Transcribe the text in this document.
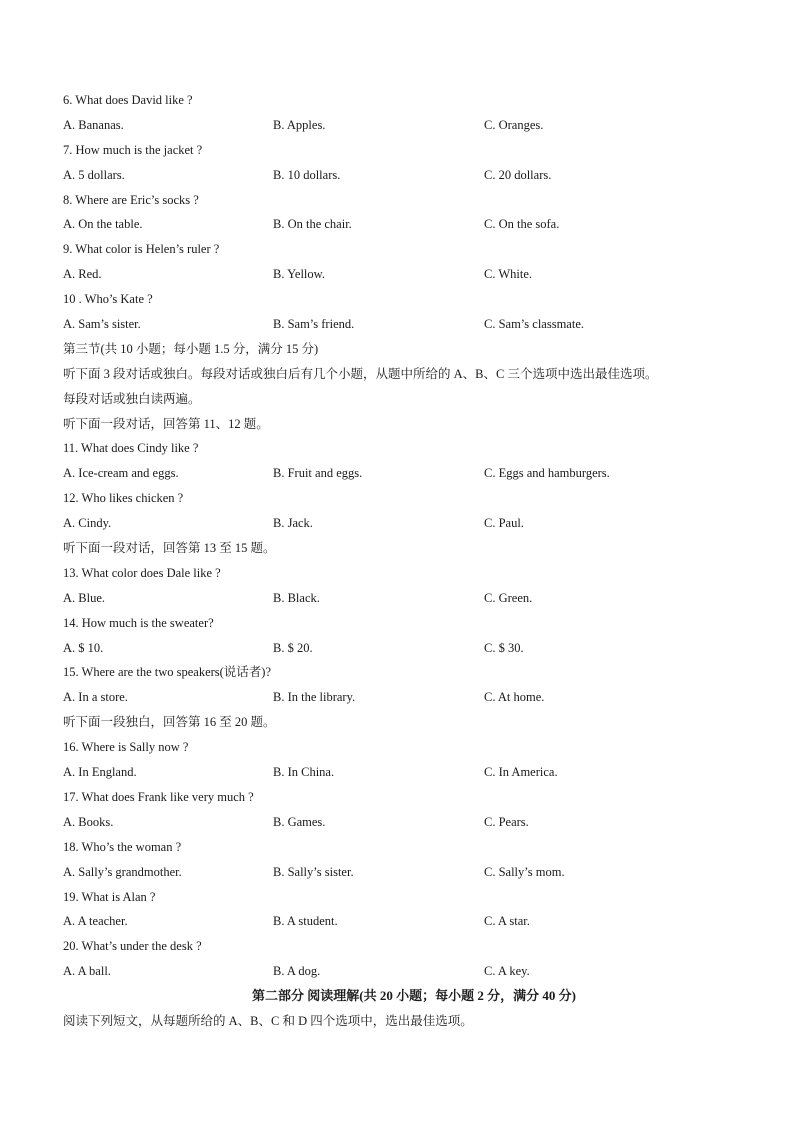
6. What does David like ?
A. Bananas.	B. Apples.	C. Oranges.
7. How much is the jacket ?
A. 5 dollars.	B. 10 dollars.	C. 20 dollars.
8. Where are Eric’s socks ?
A. On the table.	B. On the chair.	C. On the sofa.
9. What color is Helen’s ruler ?
A. Red.	B. Yellow.	C. White.
10 . Who’s Kate ?
A. Sam’s sister.	B. Sam’s friend.	C. Sam’s classmate.
第三节(共 10 小题；每小题 1.5 分，满分 15 分)
听下面 3 段对话或独白。每段对话或独白后有几个小题，从题中所给的 A、B、C 三个选项中选出最佳选项。
每段对话或独白读两遍。
听下面一段对话，回答第 11、12 题。
11. What does Cindy like ?
A. Ice-cream and eggs.	B. Fruit and eggs.	C. Eggs and hamburgers.
12. Who likes chicken ?
A. Cindy.	B. Jack.	C. Paul.
听下面一段对话，回答第 13 至 15 题。
13. What color does Dale like ?
A. Blue.	B. Black.	C. Green.
14. How much is the sweater?
A. $ 10.	B. $ 20.	C. $ 30.
15. Where are the two speakers(说话者)?
A. In a store.	B. In the library.	C. At home.
听下面一段独白，回答第 16 至 20 题。
16. Where is Sally now ?
A. In England.	B. In China.	C. In America.
17. What does Frank like very much ?
A. Books.	B. Games.	C. Pears.
18. Who’s the woman ?
A. Sally’s grandmother.	B. Sally’s sister.	C. Sally’s mom.
19. What is Alan ?
A. A teacher.	B. A student.	C. A star.
20. What’s under the desk ?
A. A ball.	B. A dog.	C. A key.
第二部分 阅读理解(共 20 小题；每小题 2 分，满分 40 分)
阅读下列短文，从每题所给的 A、B、C 和 D 四个选项中，选出最佳选项。
